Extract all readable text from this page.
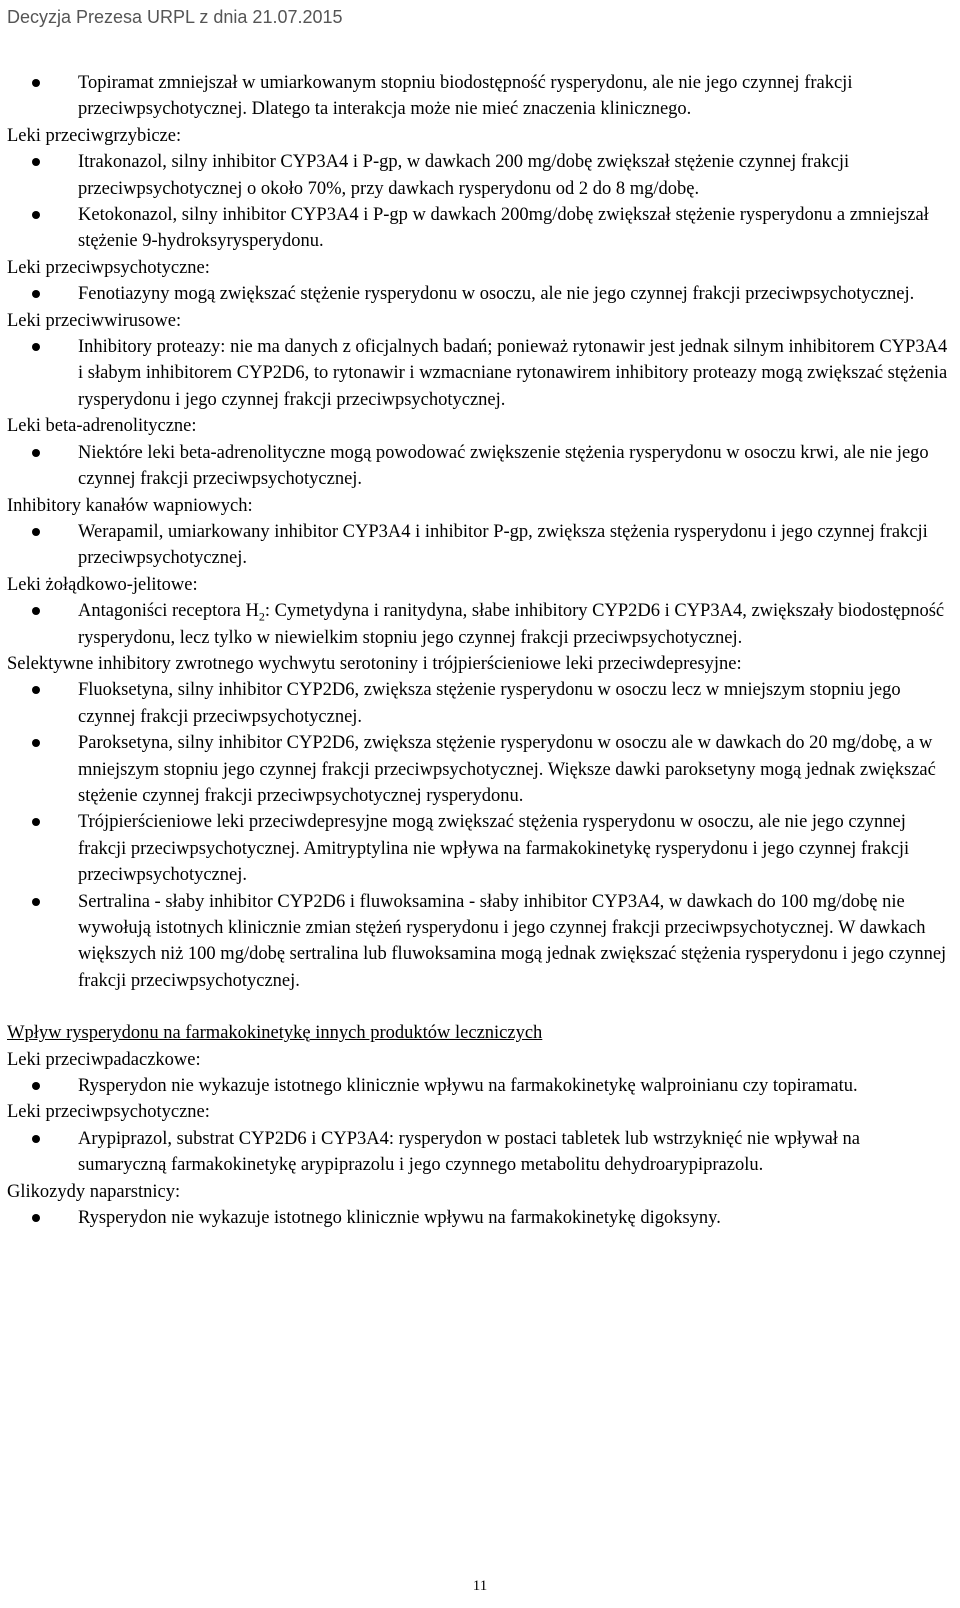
Decyzja Prezesa URPL z dnia 21.07.2015
Topiramat zmniejszał w umiarkowanym stopniu biodostępność rysperydonu, ale nie jego czynnej frakcji przeciwpsychotycznej. Dlatego ta interakcja może nie mieć znaczenia klinicznego.

Leki przeciwgrzybicze:

Itrakonazol, silny inhibitor CYP3A4 i P-gp, w dawkach 200 mg/dobę zwiększał stężenie czynnej frakcji przeciwpsychotycznej o około 70%, przy dawkach rysperydonu od 2 do 8 mg/dobę.
Ketokonazol, silny inhibitor CYP3A4 i P-gp w dawkach 200mg/dobę zwiększał stężenie rysperydonu a zmniejszał stężenie 9-hydroksyrysperydonu.

Leki przeciwpsychotyczne:

Fenotiazyny mogą zwiększać stężenie rysperydonu w osoczu, ale nie jego czynnej frakcji przeciwpsychotycznej.

Leki przeciwwirusowe:

Inhibitory proteazy: nie ma danych z oficjalnych badań; ponieważ rytonawir jest jednak silnym inhibitorem CYP3A4 i słabym inhibitorem CYP2D6, to rytonawir i wzmacniane rytonawirem inhibitory proteazy mogą zwiększać stężenia rysperydonu i jego czynnej frakcji przeciwpsychotycznej.

Leki beta-adrenolityczne:

Niektóre leki beta-adrenolityczne mogą powodować zwiększenie stężenia rysperydonu w osoczu krwi, ale nie jego czynnej frakcji przeciwpsychotycznej.

Inhibitory kanałów wapniowych:

Werapamil, umiarkowany inhibitor CYP3A4 i inhibitor P-gp, zwiększa stężenia rysperydonu i jego czynnej frakcji przeciwpsychotycznej.

Leki żołądkowo-jelitowe:

Antagoniści receptora $H_2$: Cymetydyna i ranitydyna, słabe inhibitory CYP2D6 i CYP3A4, zwiększały biodostępność rysperydonu, lecz tylko w niewielkim stopniu jego czynnej frakcji przeciwpsychotycznej.

Selektywne inhibitory zwrotnego wychwytu serotoniny i trójpierścieniowe leki przeciwdepresyjne:

Fluoksetyna, silny inhibitor CYP2D6, zwiększa stężenie rysperydonu w osoczu lecz w mniejszym stopniu jego czynnej frakcji przeciwpsychotycznej.
Paroksetyna, silny inhibitor CYP2D6, zwiększa stężenie rysperydonu w osoczu ale w dawkach do 20 mg/dobę, a w mniejszym stopniu jego czynnej frakcji przeciwpsychotycznej. Większe dawki paroksetyny mogą jednak zwiększać stężenie czynnej frakcji przeciwpsychotycznej rysperydonu.
Trójpierścieniowe leki przeciwdepresyjne mogą zwiększać stężenia rysperydonu w osoczu, ale nie jego czynnej frakcji przeciwpsychotycznej. Amitryptylina nie wpływa na farmakokinetykę rysperydonu i jego czynnej frakcji przeciwpsychotycznej.
Sertralina - słaby inhibitor CYP2D6 i fluwoksamina - słaby inhibitor CYP3A4, w dawkach do 100 mg/dobę nie wywołują istotnych klinicznie zmian stężeń rysperydonu i jego czynnej frakcji przeciwpsychotycznej. W dawkach większych niż 100 mg/dobę sertralina lub fluwoksamina mogą jednak zwiększać stężenia rysperydonu i jego czynnej frakcji przeciwpsychotycznej.

Wpływ rysperydonu na farmakokinetykę innych produktów leczniczych

Leki przeciwpadaczkowe:

Rysperydon nie wykazuje istotnego klinicznie wpływu na farmakokinetykę walproinianu czy topiramatu.

Leki przeciwpsychotyczne:

Arypiprazol, substrat CYP2D6 i CYP3A4: rysperydon w postaci tabletek lub wstrzyknięć nie wpływał na sumaryczną farmakokinetykę arypiprazolu i jego czynnego metabolitu dehydroarypiprazolu.

Glikozydy naparstnicy:

Rysperydon nie wykazuje istotnego klinicznie wpływu na farmakokinetykę digoksyny.
11
